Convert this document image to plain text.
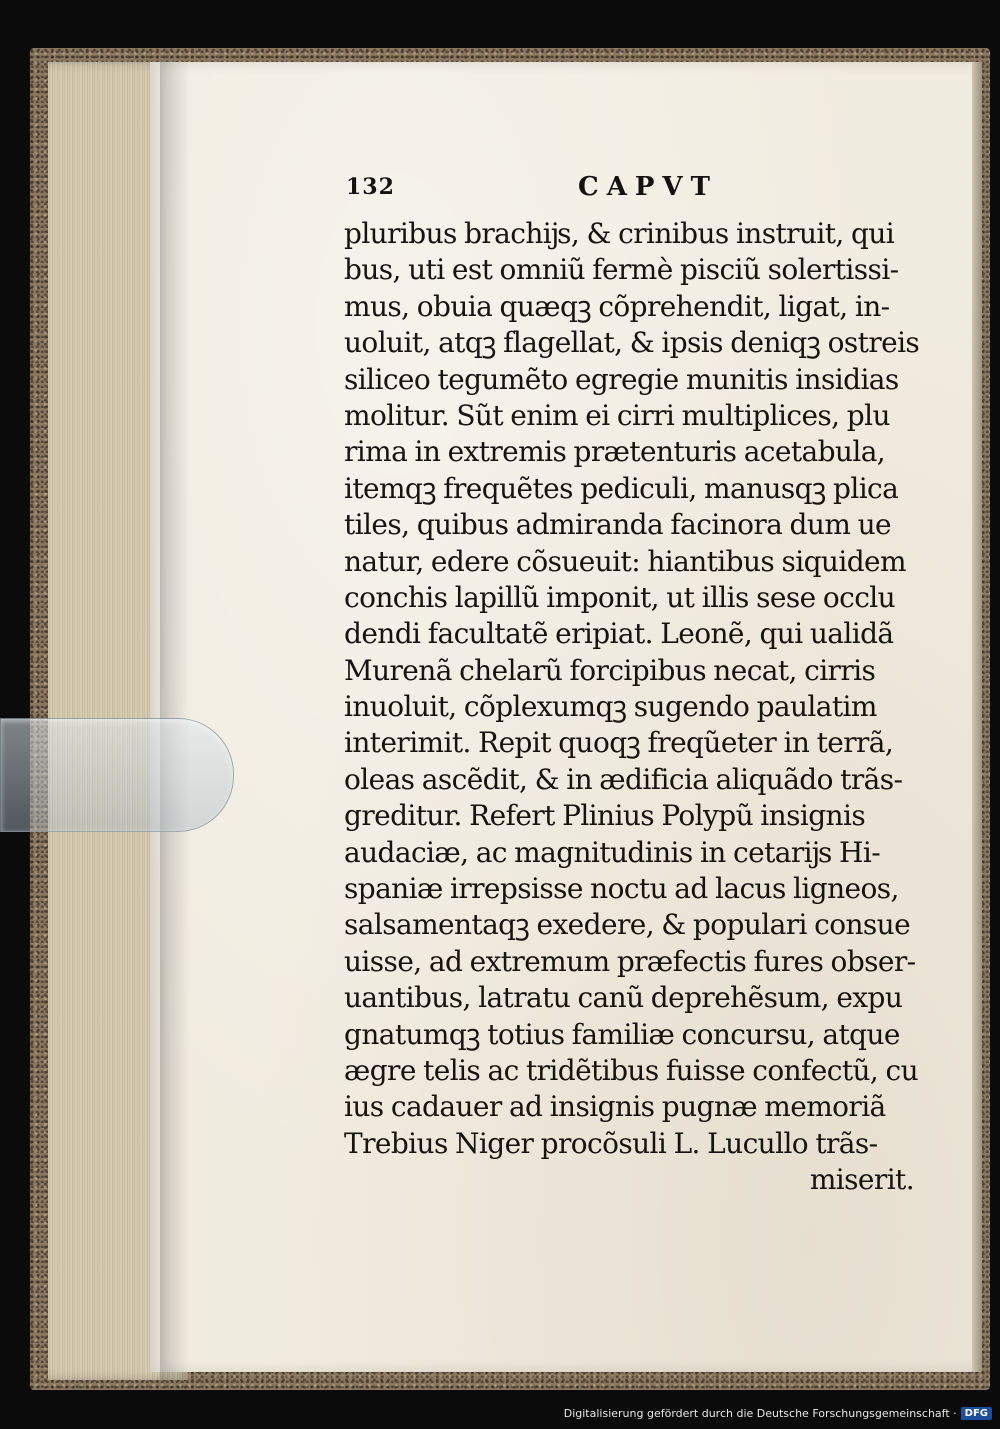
132	CAPVT
pluribus brachĳs, & crinibus instruit, qui
bus, uti est omniũ fermè pisciũ solertissi-
mus, obuia quæqꝫ cõprehendit, ligat, in-
uoluit, atqꝫ flagellat, & ipsis deniqꝫ ostreis
siliceo tegumẽto egregie munitis insidias
molitur. Sũt enim ei cirri multiplices, plu
rima in extremis prætenturis acetabula,
itemqꝫ frequẽtes pediculi, manusqꝫ plica
tiles, quibus admiranda facinora dum ue
natur, edere cõsueuit: hiantibus siquidem
conchis lapillũ imponit, ut illis sese occlu
dendi facultatẽ eripiat. Leonẽ, qui ualidã
Murenã chelarũ forcipibus necat, cirris
inuoluit, cõplexumqꝫ sugendo paulatim
interimit. Repit quoqꝫ freqũeter in terrã,
oleas ascẽdit, & in ædificia aliquãdo trãs-
greditur. Refert Plinius Polypũ insignis
audaciæ, ac magnitudinis in cetarĳs Hi-
spaniæ irrepsisse noctu ad lacus ligneos,
salsamentaqꝫ exedere, & populari consue
uisse, ad extremum præfectis fures obser-
uantibus, latratu canũ deprehẽsum, expu
gnatumqꝫ totius familiæ concursu, atque
ægre telis ac tridẽtibus fuisse confectũ, cu
ius cadauer ad insignis pugnæ memoriã
Trebius Niger procõsuli L. Lucullo trãs-
miserit.
Digitalisierung gefördert durch die Deutsche Forschungsgemeinschaft · DFG
